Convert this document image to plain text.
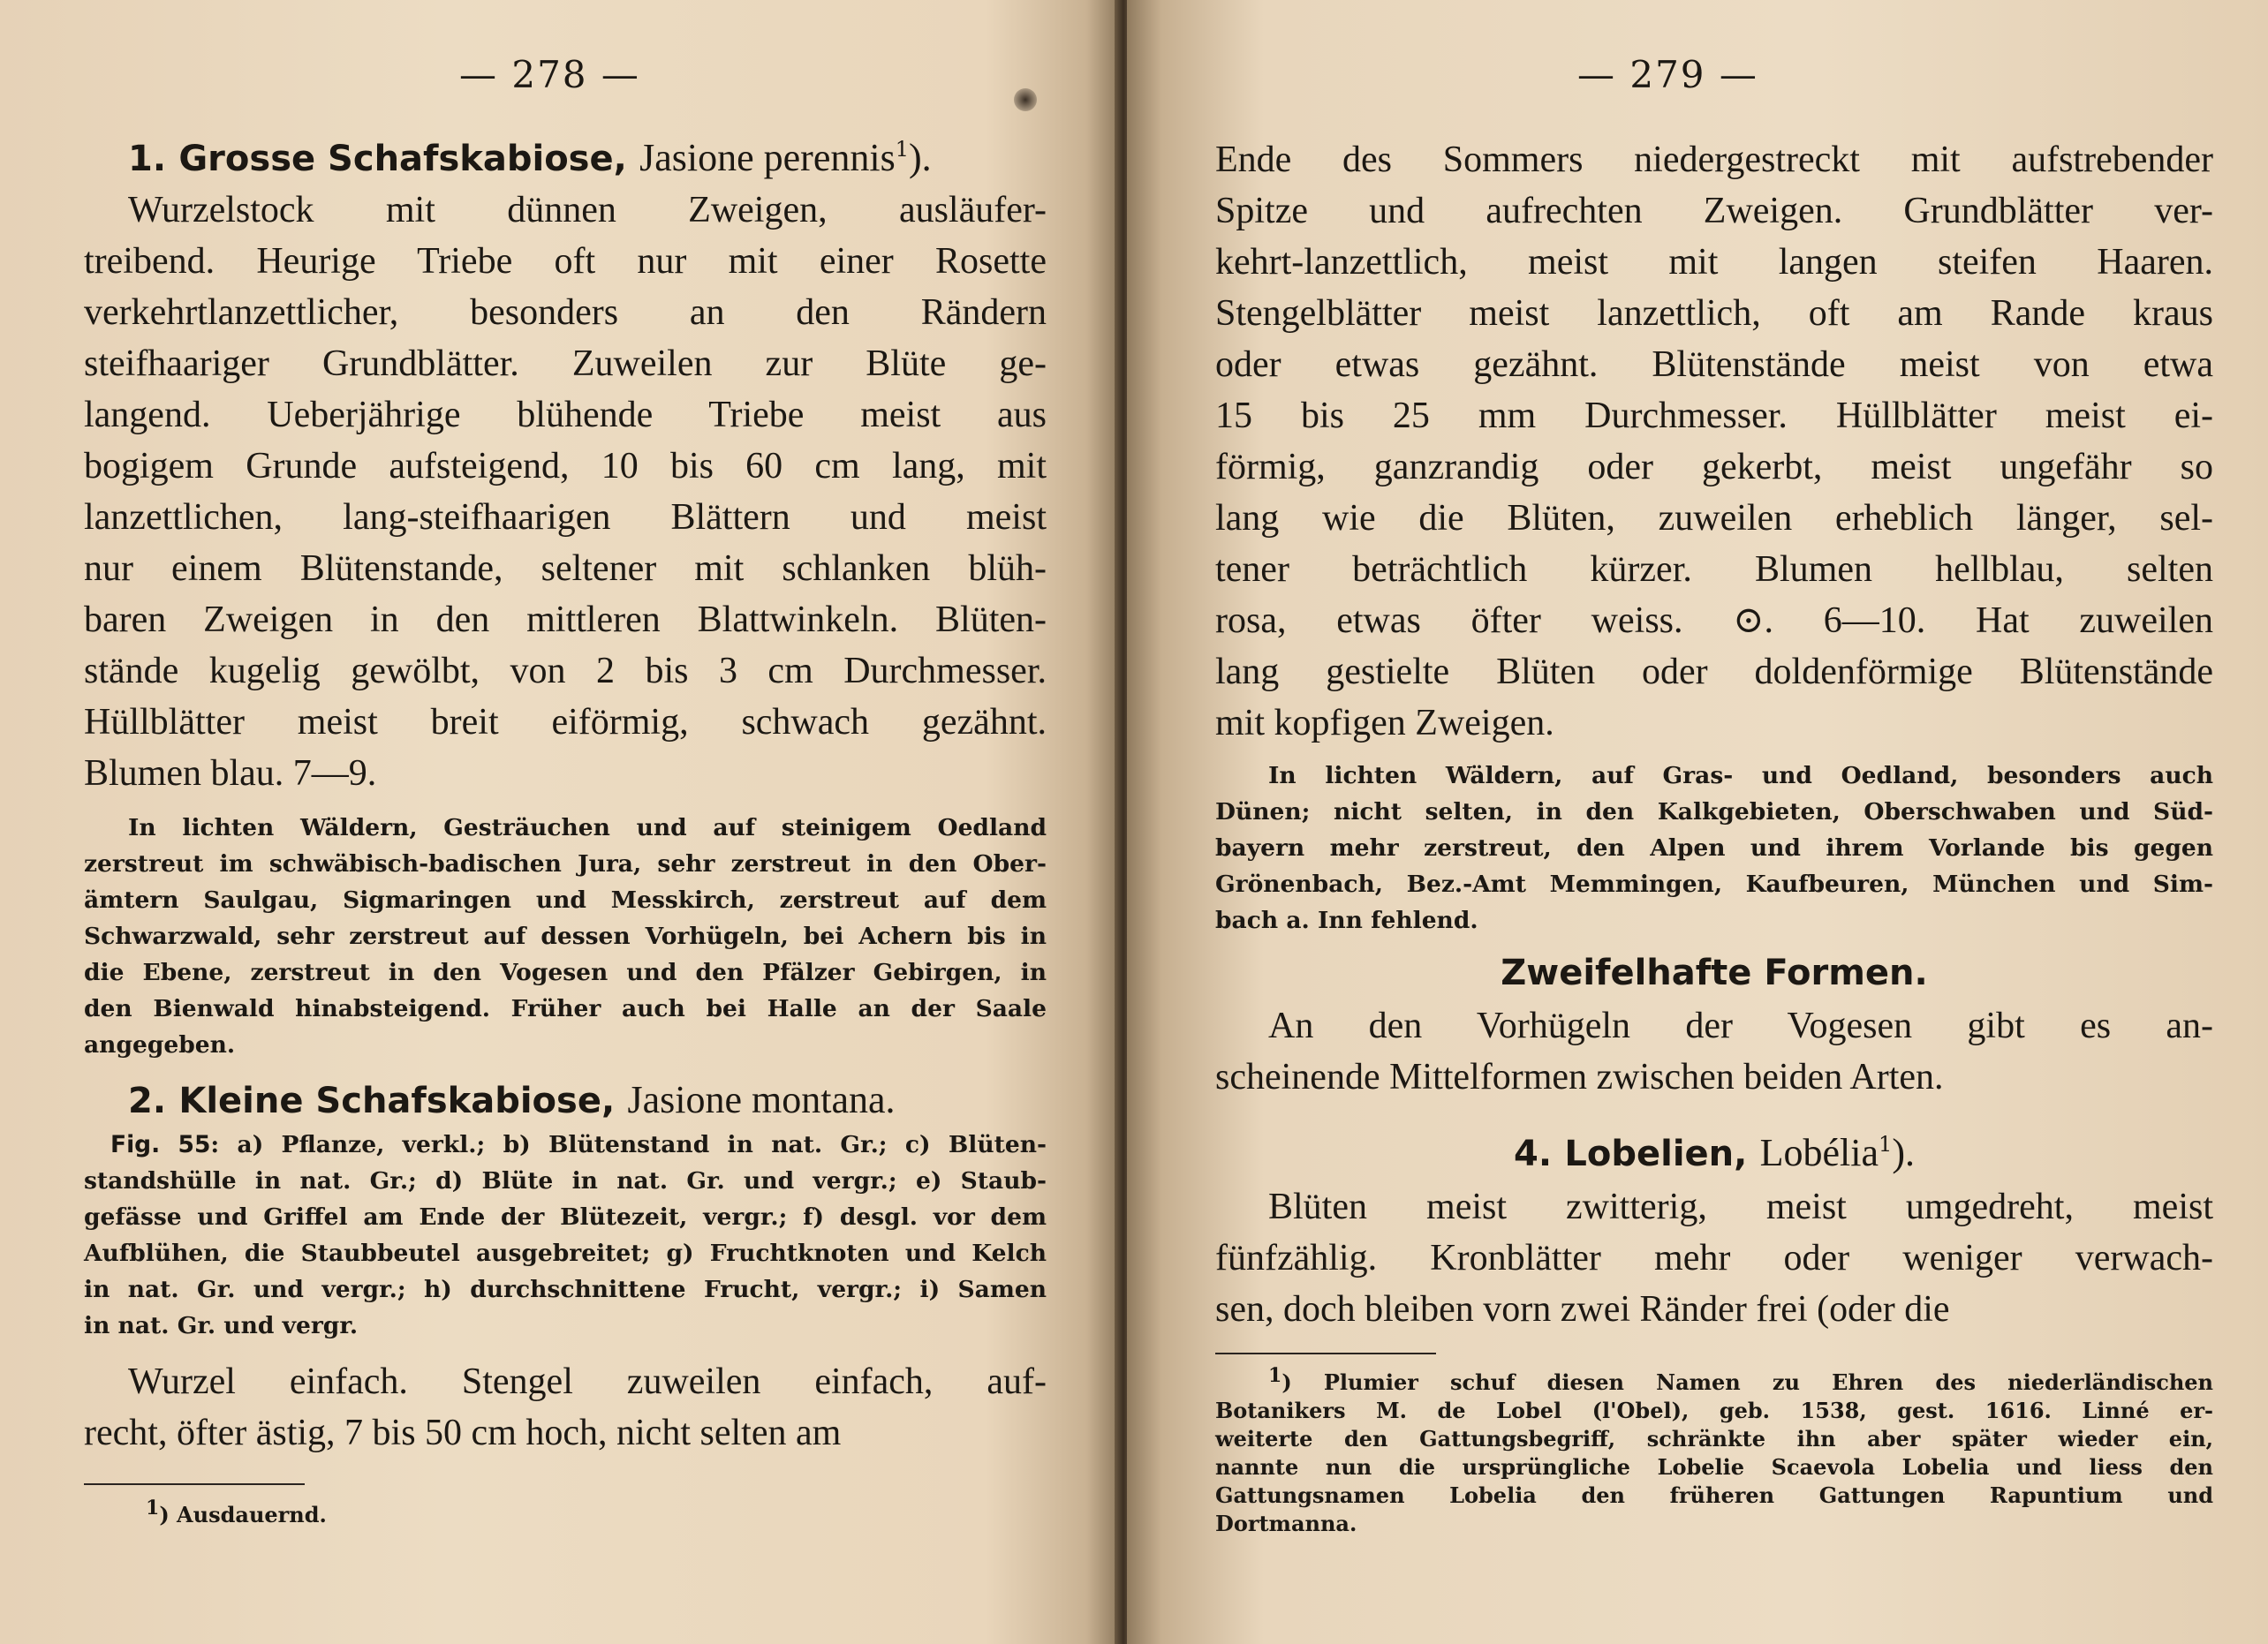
— 278 —

1. Grosse Schafskabiose, Jasione perennis$^1$).

Wurzelstock mit dünnen Zweigen, ausläufer-
treibend. Heurige Triebe oft nur mit einer Rosette
verkehrtlanzettlicher, besonders an den Rändern
steifhaariger Grundblätter. Zuweilen zur Blüte ge-
langend. Ueberjährige blühende Triebe meist aus
bogigem Grunde aufsteigend, 10 bis 60 cm lang, mit
lanzettlichen, lang-steifhaarigen Blättern und meist
nur einem Blütenstande, seltener mit schlanken blüh-
baren Zweigen in den mittleren Blattwinkeln. Blüten-
stände kugelig gewölbt, von 2 bis 3 cm Durchmesser.
Hüllblätter meist breit eiförmig, schwach gezähnt.
Blumen blau. 7—9.
In lichten Wäldern, Gesträuchen und auf steinigem Oedland
zerstreut im schwäbisch-badischen Jura, sehr zerstreut in den Ober-
ämtern Saulgau, Sigmaringen und Messkirch, zerstreut auf dem
Schwarzwald, sehr zerstreut auf dessen Vorhügeln, bei Achern bis in
die Ebene, zerstreut in den Vogesen und den Pfälzer Gebirgen, in
den Bienwald hinabsteigend. Früher auch bei Halle an der Saale
angegeben.

2. Kleine Schafskabiose, Jasione montana.

Fig. 55: a) Pflanze, verkl.; b) Blütenstand in nat. Gr.; c) Blüten-
standshülle in nat. Gr.; d) Blüte in nat. Gr. und vergr.; e) Staub-
gefässe und Griffel am Ende der Blütezeit, vergr.; f) desgl. vor dem
Aufblühen, die Staubbeutel ausgebreitet; g) Fruchtknoten und Kelch
in nat. Gr. und vergr.; h) durchschnittene Frucht, vergr.; i) Samen
in nat. Gr. und vergr.
Wurzel einfach. Stengel zuweilen einfach, auf-
recht, öfter ästig, 7 bis 50 cm hoch, nicht selten am

$^1$) Ausdauernd.

— 279 —
Ende des Sommers niedergestreckt mit aufstrebender
Spitze und aufrechten Zweigen. Grundblätter ver-
kehrt-lanzettlich, meist mit langen steifen Haaren.
Stengelblätter meist lanzettlich, oft am Rande kraus
oder etwas gezähnt. Blütenstände meist von etwa
15 bis 25 mm Durchmesser. Hüllblätter meist ei-
förmig, ganzrandig oder gekerbt, meist ungefähr so
lang wie die Blüten, zuweilen erheblich länger, sel-
tener beträchtlich kürzer. Blumen hellblau, selten
rosa, etwas öfter weiss. ⊙. 6—10. Hat zuweilen
lang gestielte Blüten oder doldenförmige Blütenstände
mit kopfigen Zweigen.
In lichten Wäldern, auf Gras- und Oedland, besonders auch
Dünen; nicht selten, in den Kalkgebieten, Oberschwaben und Süd-
bayern mehr zerstreut, den Alpen und ihrem Vorlande bis gegen
Grönenbach, Bez.-Amt Memmingen, Kaufbeuren, München und Sim-
bach a. Inn fehlend.

Zweifelhafte Formen.

An den Vorhügeln der Vogesen gibt es an-
scheinende Mittelformen zwischen beiden Arten.

4. Lobelien, Lobélia$^1$).

Blüten meist zwitterig, meist umgedreht, meist
fünfzählig. Kronblätter mehr oder weniger verwach-
sen, doch bleiben vorn zwei Ränder frei (oder die
$^1$) Plumier schuf diesen Namen zu Ehren des niederländischen
Botanikers M. de Lobel (l'Obel), geb. 1538, gest. 1616. Linné er-
weiterte den Gattungsbegriff, schränkte ihn aber später wieder ein,
nannte nun die ursprüngliche Lobelie Scaevola Lobelia und liess den
Gattungsnamen Lobelia den früheren Gattungen Rapuntium und
Dortmanna.
